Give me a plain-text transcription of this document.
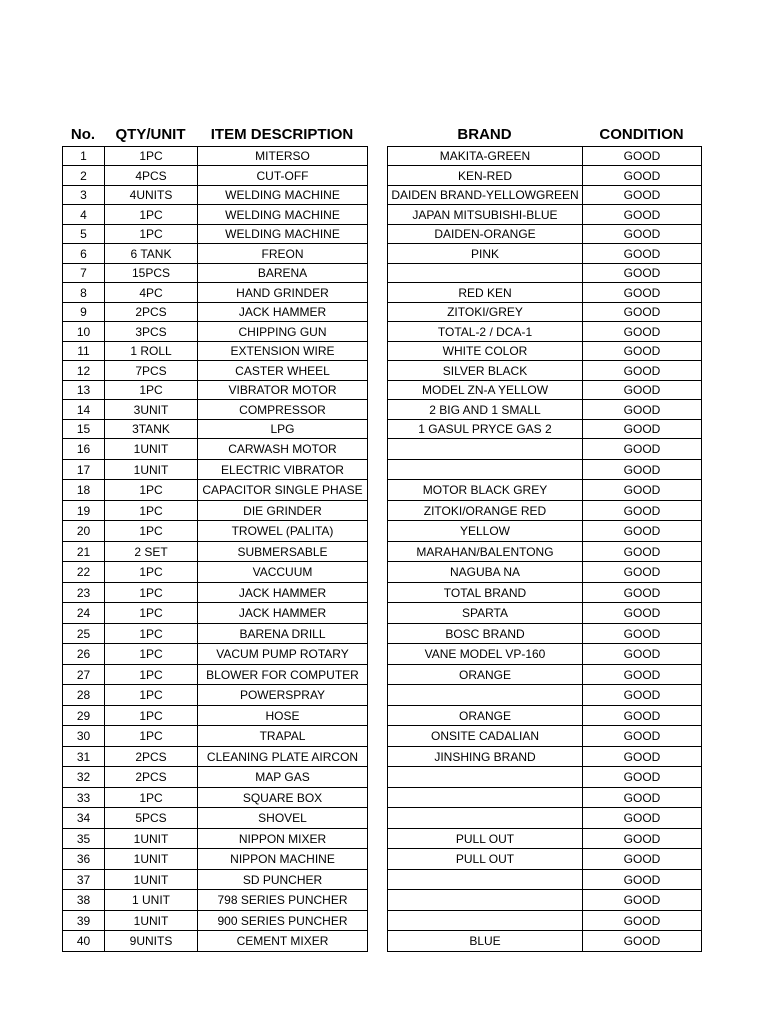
No.	QTY/UNIT	ITEM DESCRIPTION	BRAND	CONDITION
1	1PC	MITERSO		MAKITA-GREEN	GOOD
2	4PCS	CUT-OFF		KEN-RED	GOOD
3	4UNITS	WELDING MACHINE		DAIDEN BRAND-YELLOWGREEN	GOOD
4	1PC	WELDING MACHINE		JAPAN MITSUBISHI-BLUE	GOOD
5	1PC	WELDING MACHINE		DAIDEN-ORANGE	GOOD
6	6 TANK	FREON		PINK	GOOD
7	15PCS	BARENA			GOOD
8	4PC	HAND GRINDER		RED KEN	GOOD
9	2PCS	JACK HAMMER		ZITOKI/GREY	GOOD
10	3PCS	CHIPPING GUN		TOTAL-2 / DCA-1	GOOD
11	1 ROLL	EXTENSION WIRE		WHITE COLOR	GOOD
12	7PCS	CASTER WHEEL		SILVER BLACK	GOOD
13	1PC	VIBRATOR MOTOR		MODEL ZN-A YELLOW	GOOD
14	3UNIT	COMPRESSOR		2 BIG AND 1 SMALL	GOOD
15	3TANK	LPG		1 GASUL PRYCE GAS 2	GOOD
16	1UNIT	CARWASH MOTOR			GOOD
17	1UNIT	ELECTRIC VIBRATOR			GOOD
18	1PC	CAPACITOR SINGLE PHASE		MOTOR BLACK GREY	GOOD
19	1PC	DIE GRINDER		ZITOKI/ORANGE RED	GOOD
20	1PC	TROWEL (PALITA)		YELLOW	GOOD
21	2 SET	SUBMERSABLE		MARAHAN/BALENTONG	GOOD
22	1PC	VACCUUM		NAGUBA NA	GOOD
23	1PC	JACK HAMMER		TOTAL BRAND	GOOD
24	1PC	JACK HAMMER		SPARTA	GOOD
25	1PC	BARENA DRILL		BOSC BRAND	GOOD
26	1PC	VACUM PUMP ROTARY		VANE MODEL VP-160	GOOD
27	1PC	BLOWER FOR COMPUTER		ORANGE	GOOD
28	1PC	POWERSPRAY			GOOD
29	1PC	HOSE		ORANGE	GOOD
30	1PC	TRAPAL		ONSITE CADALIAN	GOOD
31	2PCS	CLEANING PLATE AIRCON		JINSHING BRAND	GOOD
32	2PCS	MAP GAS			GOOD
33	1PC	SQUARE BOX			GOOD
34	5PCS	SHOVEL			GOOD
35	1UNIT	NIPPON MIXER		PULL OUT	GOOD
36	1UNIT	NIPPON MACHINE		PULL OUT	GOOD
37	1UNIT	SD PUNCHER			GOOD
38	1 UNIT	798 SERIES PUNCHER			GOOD
39	1UNIT	900 SERIES PUNCHER			GOOD
40	9UNITS	CEMENT MIXER		BLUE	GOOD
